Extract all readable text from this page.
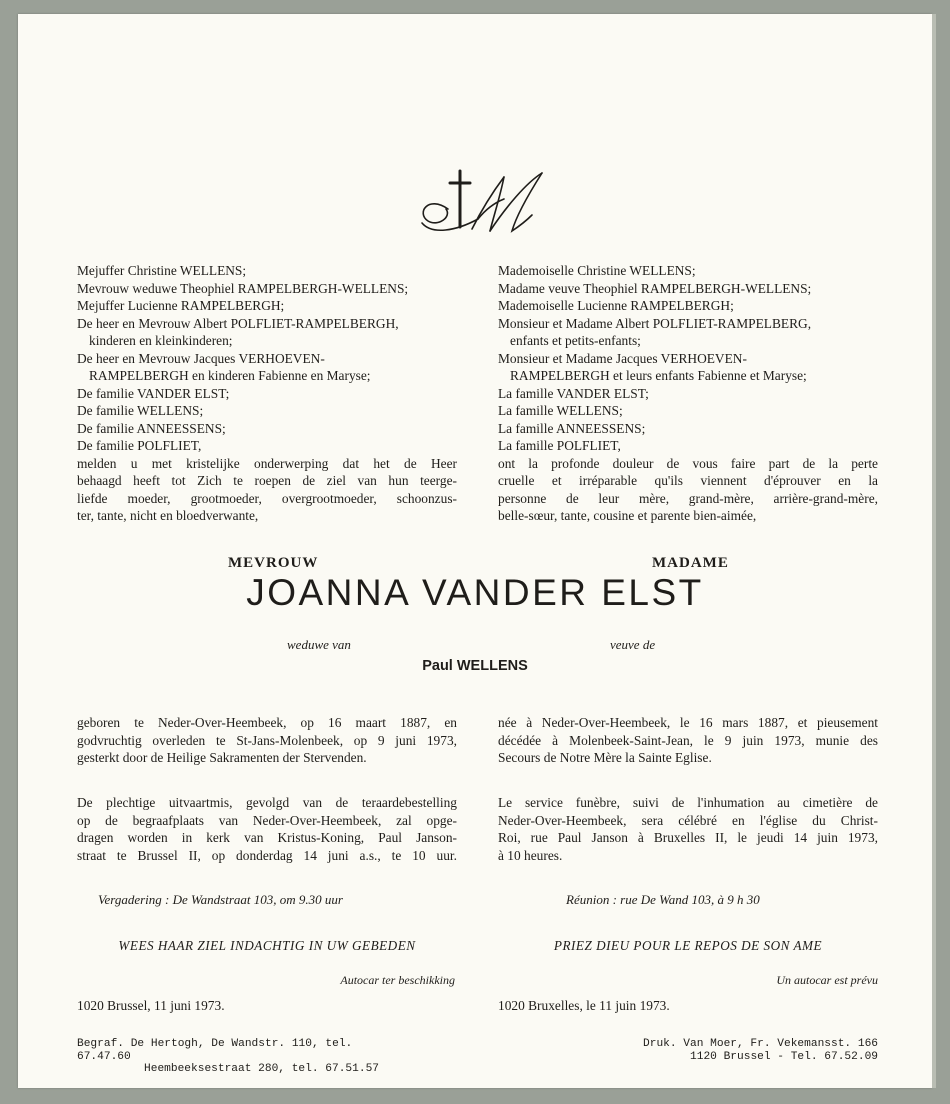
Mejuffer Christine WELLENS;
Mevrouw weduwe Theophiel RAMPELBERGH-WELLENS;
Mejuffer Lucienne RAMPELBERGH;
De heer en Mevrouw Albert POLFLIET-RAMPELBERGH,
kinderen en kleinkinderen;
De heer en Mevrouw Jacques VERHOEVEN-
RAMPELBERGH en kinderen Fabienne en Maryse;
De familie VANDER ELST;
De familie WELLENS;
De familie ANNEESSENS;
De familie POLFLIET,
melden u met kristelijke onderwerping dat het de Heer
behaagd heeft tot Zich te roepen de ziel van hun teerge-
liefde moeder, grootmoeder, overgrootmoeder, schoonzus-
ter, tante, nicht en bloedverwante,
Mademoiselle Christine WELLENS;
Madame veuve Theophiel RAMPELBERGH-WELLENS;
Mademoiselle Lucienne RAMPELBERGH;
Monsieur et Madame Albert POLFLIET-RAMPELBERG,
enfants et petits-enfants;
Monsieur et Madame Jacques VERHOEVEN-
RAMPELBERGH et leurs enfants Fabienne et Maryse;
La famille VANDER ELST;
La famille WELLENS;
La famille ANNEESSENS;
La famille POLFLIET,
ont la profonde douleur de vous faire part de la perte
cruelle et irréparable qu'ils viennent d'éprouver en la
personne de leur mère, grand-mère, arrière-grand-mère,
belle-sœur, tante, cousine et parente bien-aimée,
MEVROUW	MADAME
JOANNA VANDER ELST
weduwe van	veuve de
Paul WELLENS
geboren te Neder-Over-Heembeek, op 16 maart 1887, en
godvruchtig overleden te St-Jans-Molenbeek, op 9 juni 1973,
gesterkt door de Heilige Sakramenten der Stervenden.
née à Neder-Over-Heembeek, le 16 mars 1887, et pieusement
décédée à Molenbeek-Saint-Jean, le 9 juin 1973, munie des
Secours de Notre Mère la Sainte Eglise.
De plechtige uitvaartmis, gevolgd van de teraardebestelling
op de begraafplaats van Neder-Over-Heembeek, zal opge-
dragen worden in kerk van Kristus-Koning, Paul Janson-
straat te Brussel II, op donderdag 14 juni a.s., te 10 uur.
Le service funèbre, suivi de l'inhumation au cimetière de
Neder-Over-Heembeek, sera célébré en l'église du Christ-
Roi, rue Paul Janson à Bruxelles II, le jeudi 14 juin 1973,
à 10 heures.
Vergadering : De Wandstraat 103, om 9.30 uur	Réunion : rue De Wand 103, à 9 h 30
WEES HAAR ZIEL INDACHTIG IN UW GEBEDEN	PRIEZ DIEU POUR LE REPOS DE SON AME
Autocar ter beschikking	Un autocar est prévu
1020 Brussel, 11 juni 1973.	1020 Bruxelles, le 11 juin 1973.
Begraf. De Hertogh, De Wandstr. 110, tel. 67.47.60
Heembeeksestraat 280, tel. 67.51.57
Druk. Van Moer, Fr. Vekemansst. 166
1120 Brussel - Tel. 67.52.09
